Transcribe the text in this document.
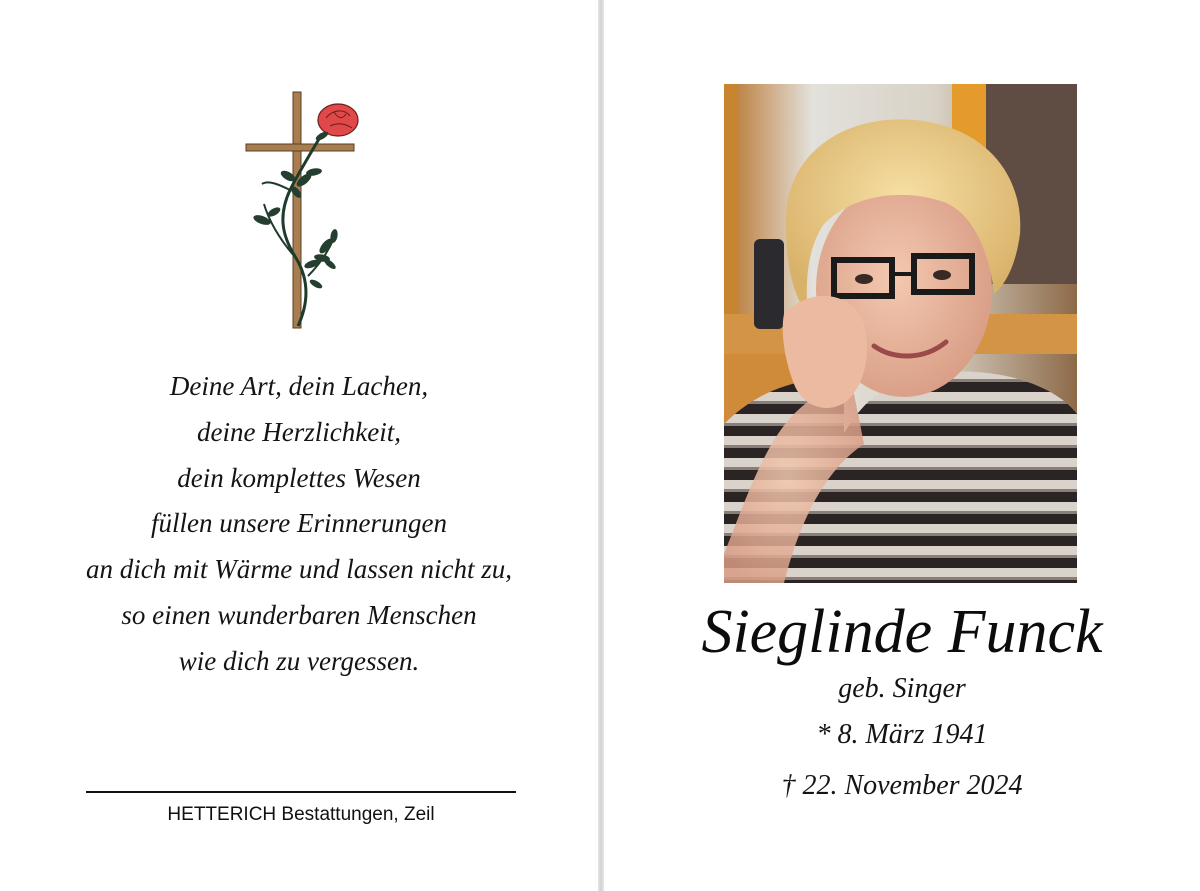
Deine Art, dein Lachen,
deine Herzlichkeit,
dein komplettes Wesen
füllen unsere Erinnerungen
an dich mit Wärme und lassen nicht zu,
so einen wunderbaren Menschen
wie dich zu vergessen.
HETTERICH Bestattungen, Zeil
Sieglinde Funck
geb. Singer
* 8. März 1941
† 22. November 2024
